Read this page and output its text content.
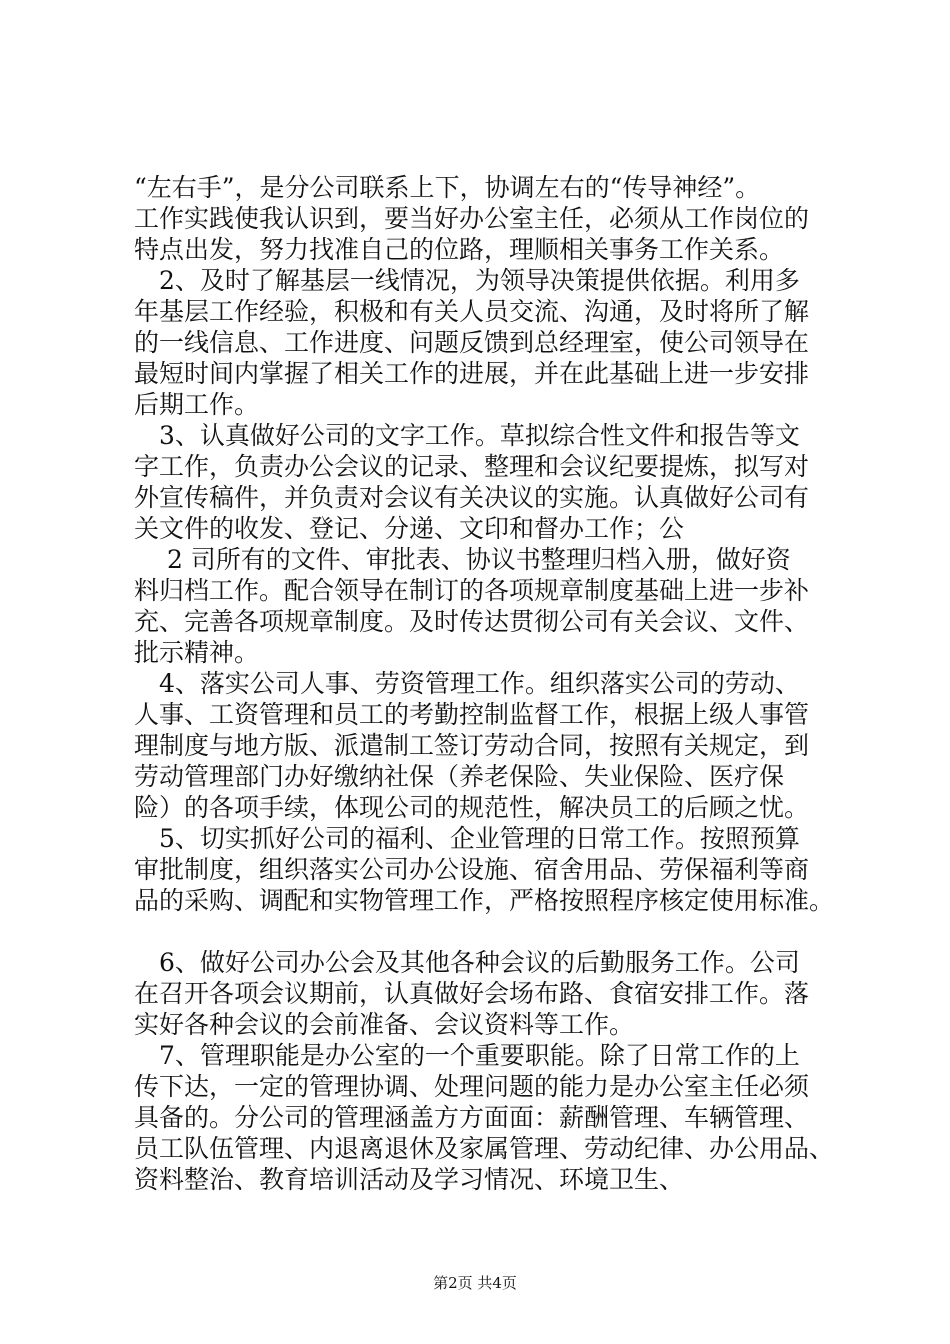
“左右手”，是分公司联系上下，协调左右的“传导神经”。
工作实践使我认识到，要当好办公室主任，必须从工作岗位的
特点出发，努力找准自己的位路，理顺相关事务工作关系。
　2、及时了解基层一线情况，为领导决策提供依据。利用多
年基层工作经验，积极和有关人员交流、沟通，及时将所了解
的一线信息、工作进度、问题反馈到总经理室，使公司领导在
最短时间内掌握了相关工作的进展，并在此基础上进一步安排
后期工作。
　3、认真做好公司的文字工作。草拟综合性文件和报告等文
字工作，负责办公会议的记录、整理和会议纪要提炼，拟写对
外宣传稿件，并负责对会议有关决议的实施。认真做好公司有
关文件的收发、登记、分递、文印和督办工作；公
　 2 司所有的文件、审批表、协议书整理归档入册，做好资
料归档工作。配合领导在制订的各项规章制度基础上进一步补
充、完善各项规章制度。及时传达贯彻公司有关会议、文件、
批示精神。
　4、落实公司人事、劳资管理工作。组织落实公司的劳动、
人事、工资管理和员工的考勤控制监督工作，根据上级人事管
理制度与地方版、派遣制工签订劳动合同，按照有关规定，到
劳动管理部门办好缴纳社保（养老保险、失业保险、医疗保
险）的各项手续，体现公司的规范性，解决员工的后顾之忧。
　5、切实抓好公司的福利、企业管理的日常工作。按照预算
审批制度，组织落实公司办公设施、宿舍用品、劳保福利等商
品的采购、调配和实物管理工作，严格按照程序核定使用标准。
　6、做好公司办公会及其他各种会议的后勤服务工作。公司
在召开各项会议期前，认真做好会场布路、食宿安排工作。落
实好各种会议的会前准备、会议资料等工作。
　7、管理职能是办公室的一个重要职能。除了日常工作的上
传下达，一定的管理协调、处理问题的能力是办公室主任必须
具备的。分公司的管理涵盖方方面面：薪酬管理、车辆管理、
员工队伍管理、内退离退休及家属管理、劳动纪律、办公用品、
资料整治、教育培训活动及学习情况、环境卫生、
第2页 共4页
